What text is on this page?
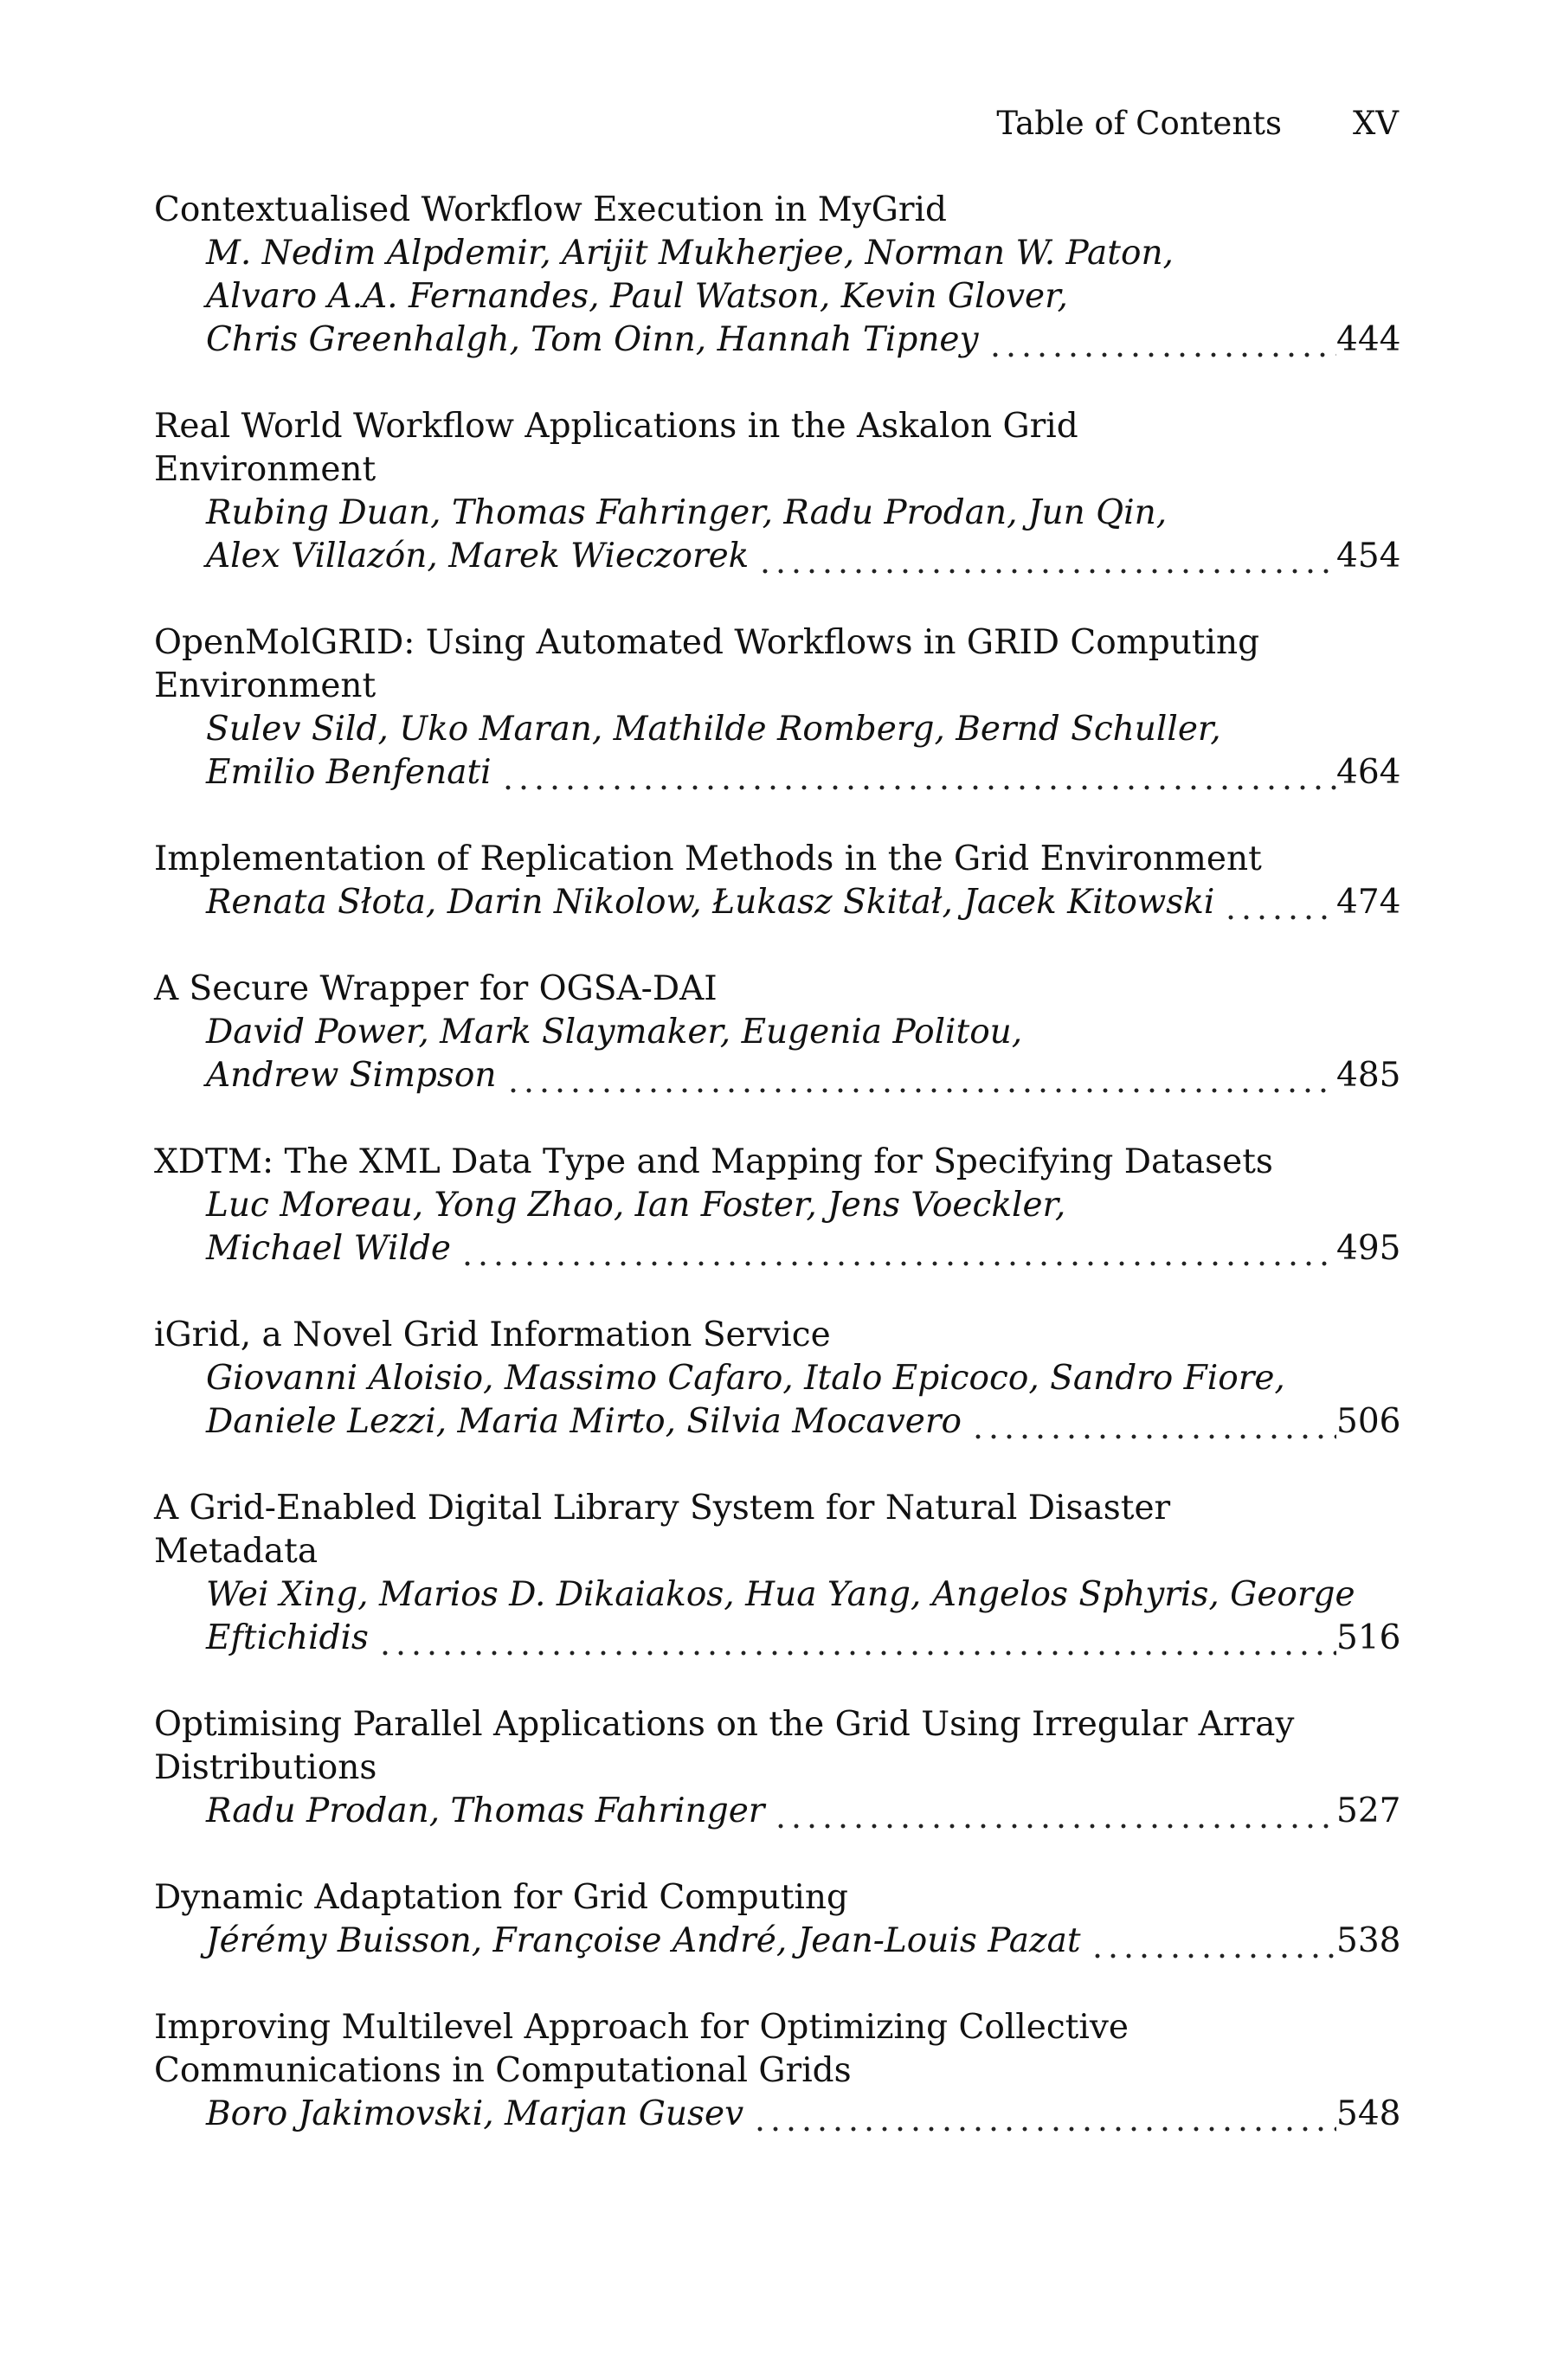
Table of Contents XV
Contextualised Workflow Execution in MyGrid
M. Nedim Alpdemir, Arijit Mukherjee, Norman W. Paton,
Alvaro A.A. Fernandes, Paul Watson, Kevin Glover,
Chris Greenhalgh, Tom Oinn, Hannah Tipney	444
Real World Workflow Applications in the Askalon Grid
Environment
Rubing Duan, Thomas Fahringer, Radu Prodan, Jun Qin,
Alex Villazón, Marek Wieczorek	454
OpenMolGRID: Using Automated Workflows in GRID Computing
Environment
Sulev Sild, Uko Maran, Mathilde Romberg, Bernd Schuller,
Emilio Benfenati	464
Implementation of Replication Methods in the Grid Environment
Renata Słota, Darin Nikolow, Łukasz Skitał, Jacek Kitowski	474
A Secure Wrapper for OGSA-DAI
David Power, Mark Slaymaker, Eugenia Politou,
Andrew Simpson	485
XDTM: The XML Data Type and Mapping for Specifying Datasets
Luc Moreau, Yong Zhao, Ian Foster, Jens Voeckler,
Michael Wilde	495
iGrid, a Novel Grid Information Service
Giovanni Aloisio, Massimo Cafaro, Italo Epicoco, Sandro Fiore,
Daniele Lezzi, Maria Mirto, Silvia Mocavero	506
A Grid-Enabled Digital Library System for Natural Disaster
Metadata
Wei Xing, Marios D. Dikaiakos, Hua Yang, Angelos Sphyris, George
Eftichidis	516
Optimising Parallel Applications on the Grid Using Irregular Array
Distributions
Radu Prodan, Thomas Fahringer	527
Dynamic Adaptation for Grid Computing
Jérémy Buisson, Françoise André, Jean-Louis Pazat	538
Improving Multilevel Approach for Optimizing Collective
Communications in Computational Grids
Boro Jakimovski, Marjan Gusev	548
